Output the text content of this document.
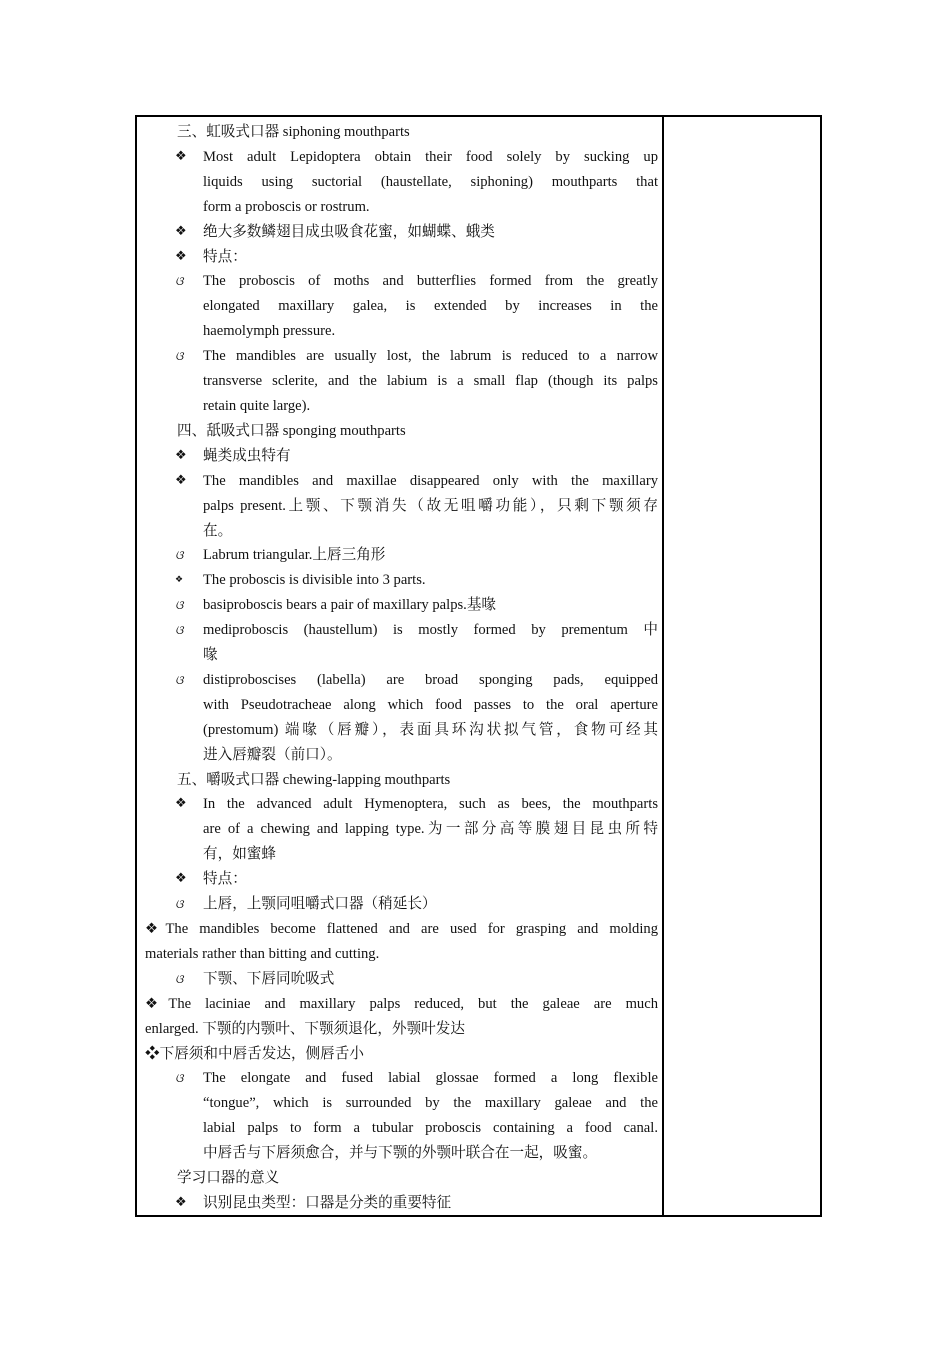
三、虹吸式口器 siphoning mouthparts
❖	Most adult Lepidoptera obtain their food solely by sucking up
liquids using suctorial (haustellate, siphoning) mouthparts that
form a proboscis or rostrum.
❖	绝大多数鳞翅目成虫吸食花蜜，如蝴蝶、蛾类
❖	特点：
ଓ	The proboscis of moths and butterflies formed from the greatly
elongated maxillary galea, is extended by increases in the
haemolymph pressure.
ଓ	The mandibles are usually lost, the labrum is reduced to a narrow
transverse sclerite, and the labium is a small flap (though its palps
retain quite large).
四、舐吸式口器 sponging mouthparts
❖	蝇类成虫特有
❖	The mandibles and maxillae disappeared only with the maxillary
palps present.上颚、下颚消失（故无咀嚼功能），只剩下颚须存
在。
ଓ	Labrum triangular.上唇三角形
❖	The proboscis is divisible into 3 parts.
ଓ	basiproboscis bears a pair of maxillary palps.基喙
ଓ	mediproboscis (haustellum) is mostly formed by prementum 中
喙
ଓ	distiproboscises (labella) are broad sponging pads, equipped
with Pseudotracheae along which food passes to the oral aperture
(prestomum) 端喙（唇瓣），表面具环沟状拟气管，食物可经其
进入唇瓣裂（前口）。
五、嚼吸式口器 chewing-lapping mouthparts
❖	In the advanced adult Hymenoptera, such as bees, the mouthparts
are of a chewing and lapping type.为一部分高等膜翅目昆虫所特
有，如蜜蜂
❖	特点：
ଓ	上唇，上颚同咀嚼式口器（稍延长）
❖The mandibles become flattened and are used for grasping and molding
materials rather than bitting and cutting.
ଓ	下颚、下唇同吮吸式
❖The laciniae and maxillary palps reduced, but the galeae are much
enlarged. 下颚的内颚叶、下颚须退化，外颚叶发达
❖下唇须和中唇舌发达，侧唇舌小
ଓ	The elongate and fused labial glossae formed a long flexible
“tongue”, which is surrounded by the maxillary galeae and the
labial palps to form a tubular proboscis containing a food canal.
中唇舌与下唇须愈合，并与下颚的外颚叶联合在一起，吸蜜。
学习口器的意义
❖	识别昆虫类型：口器是分类的重要特征
